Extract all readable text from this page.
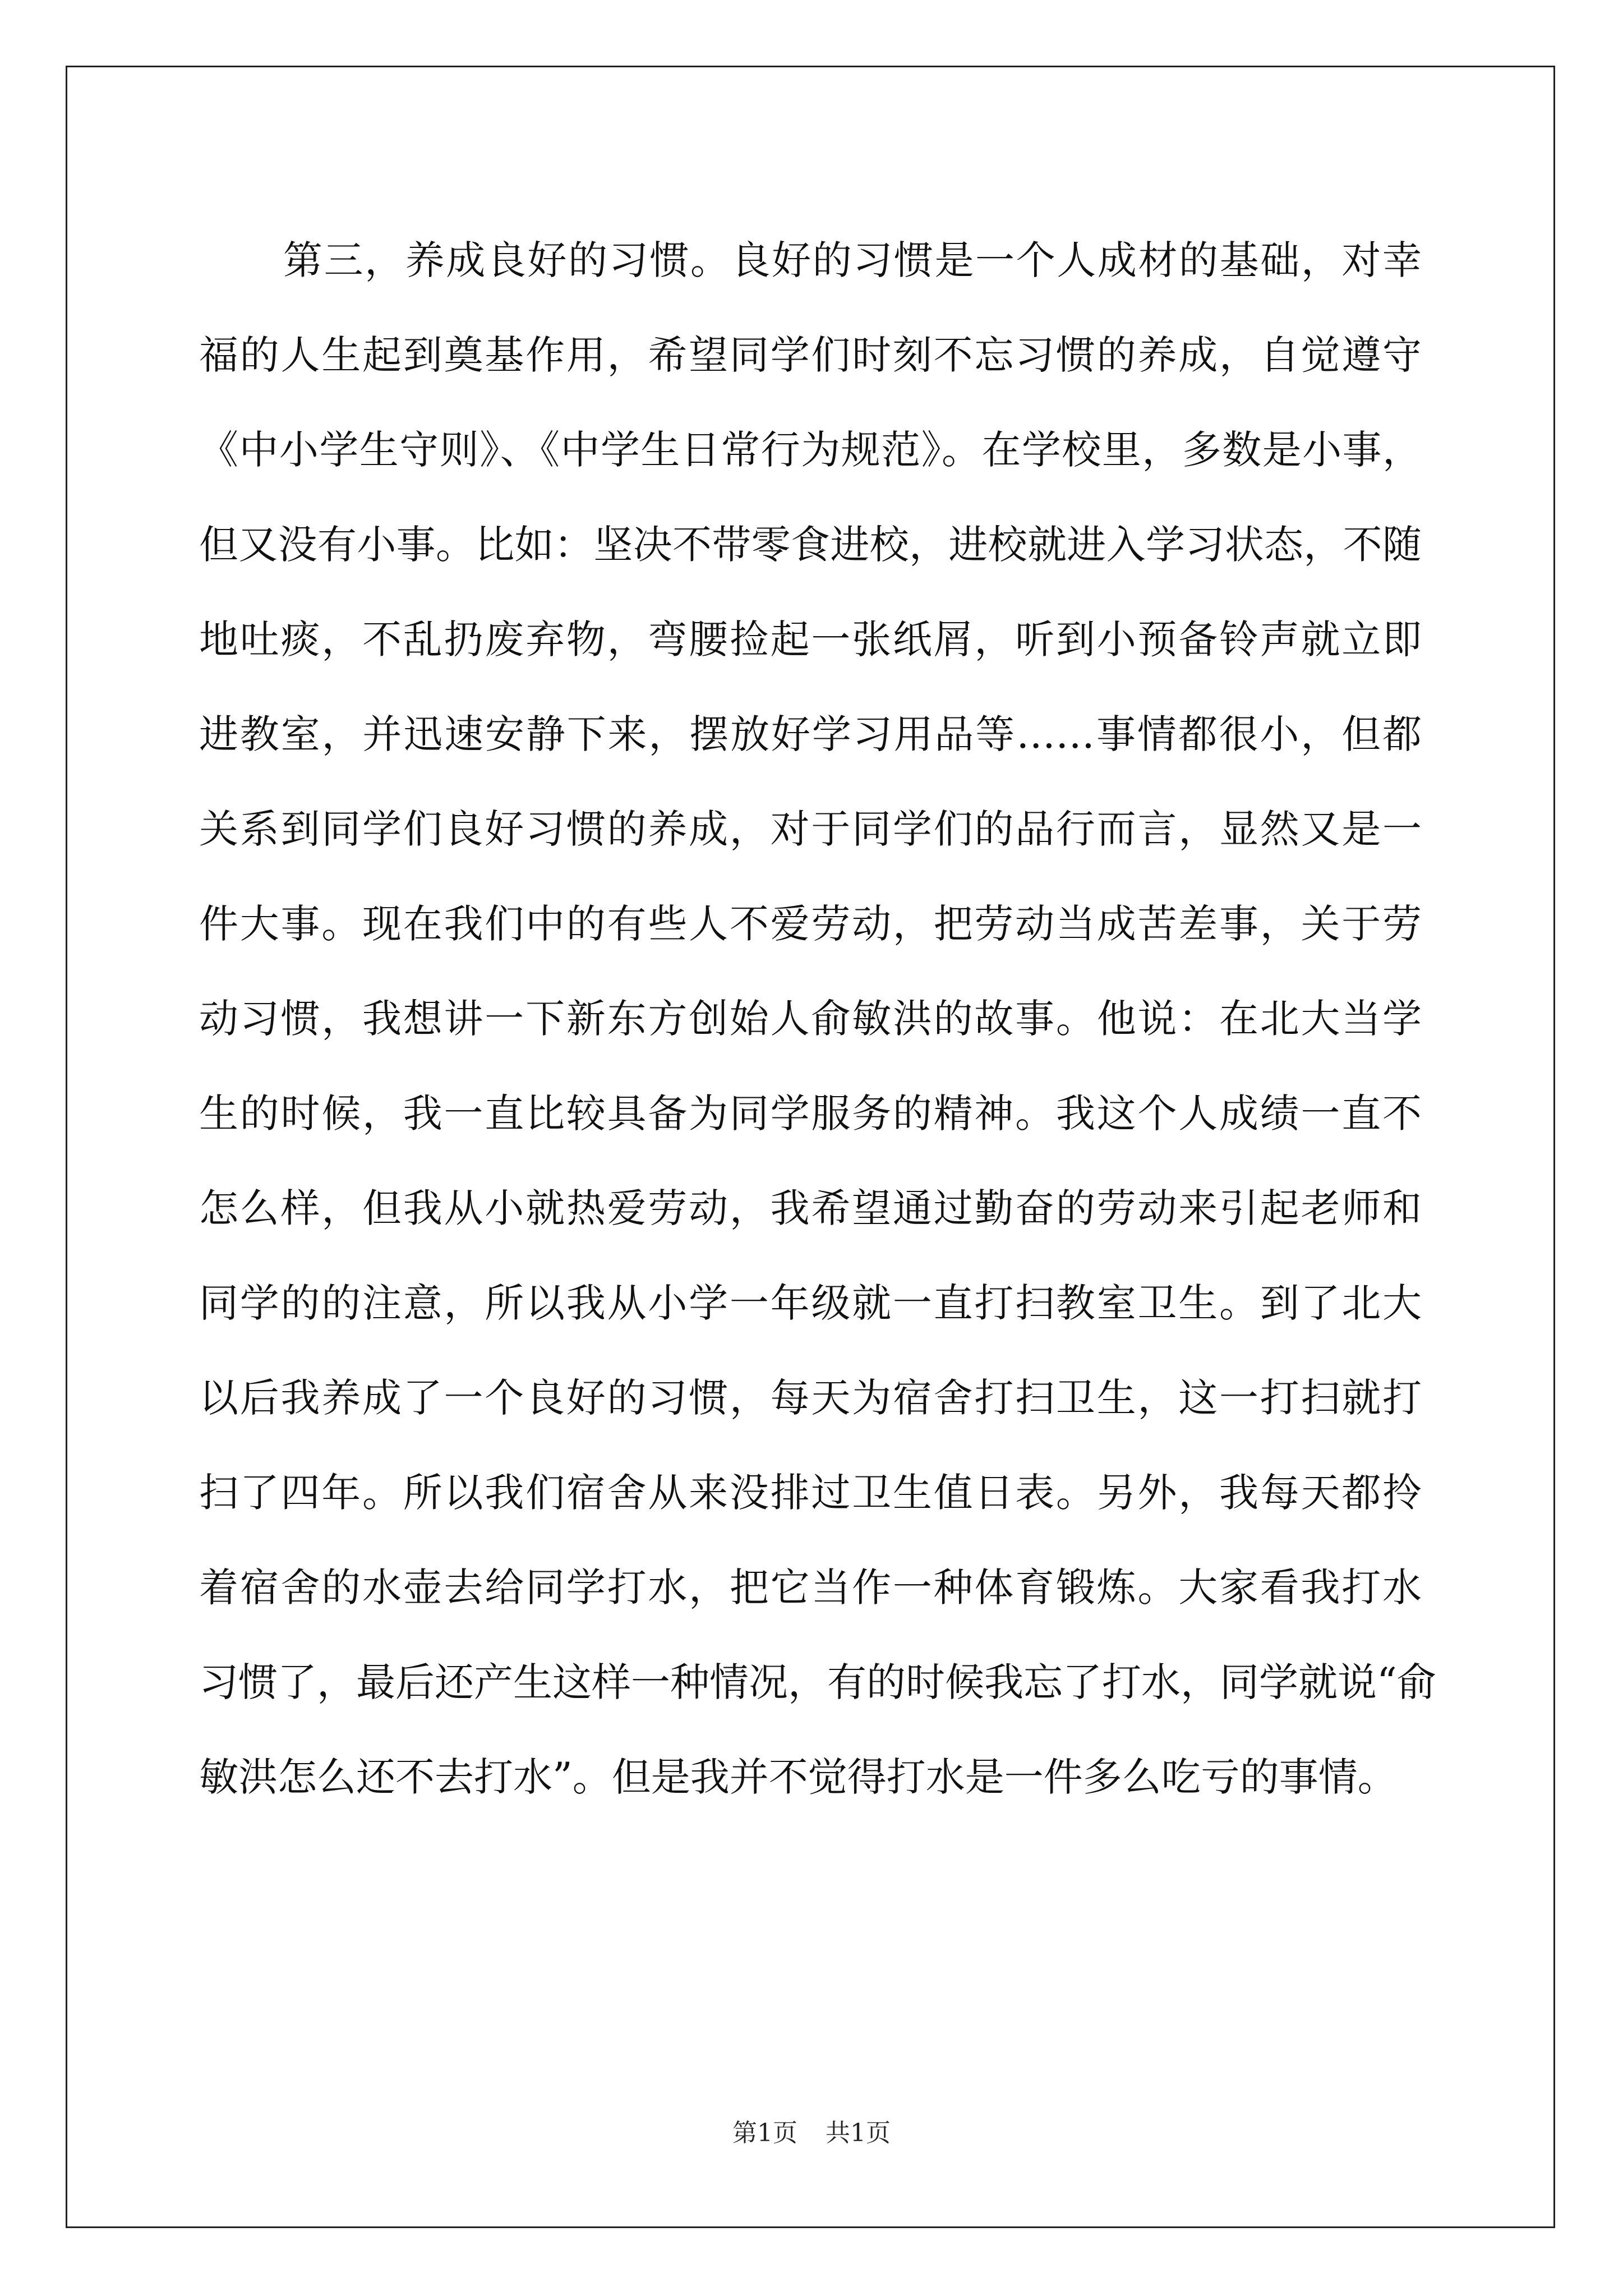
第三，养成良好的习惯。良好的习惯是一个人成材的基础，对幸
福的人生起到奠基作用，希望同学们时刻不忘习惯的养成，自觉遵守
《中小学生守则》、《中学生日常行为规范》。在学校里，多数是小事，
但又没有小事。比如：坚决不带零食进校，进校就进入学习状态，不随
地吐痰，不乱扔废弃物，弯腰捡起一张纸屑，听到小预备铃声就立即
进教室，并迅速安静下来，摆放好学习用品等……事情都很小，但都
关系到同学们良好习惯的养成，对于同学们的品行而言，显然又是一
件大事。现在我们中的有些人不爱劳动，把劳动当成苦差事，关于劳
动习惯，我想讲一下新东方创始人俞敏洪的故事。他说：在北大当学
生的时候，我一直比较具备为同学服务的精神。我这个人成绩一直不
怎么样，但我从小就热爱劳动，我希望通过勤奋的劳动来引起老师和
同学的的注意，所以我从小学一年级就一直打扫教室卫生。到了北大
以后我养成了一个良好的习惯，每天为宿舍打扫卫生，这一打扫就打
扫了四年。所以我们宿舍从来没排过卫生值日表。另外，我每天都拎
着宿舍的水壶去给同学打水，把它当作一种体育锻炼。大家看我打水
习惯了，最后还产生这样一种情况，有的时候我忘了打水，同学就说“俞
敏洪怎么还不去打水”。但是我并不觉得打水是一件多么吃亏的事情。
第1页 共1页
